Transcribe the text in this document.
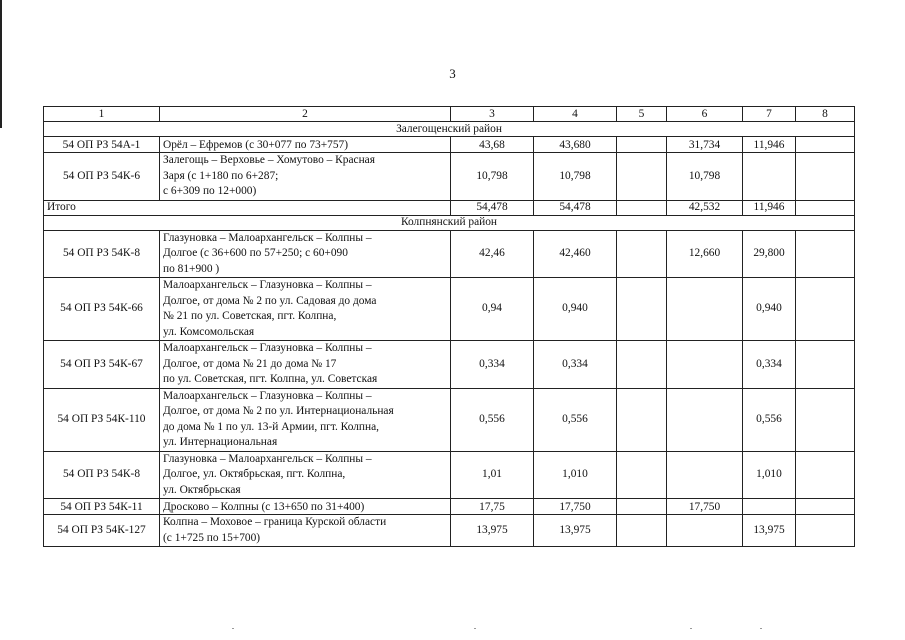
3
1	2	3	4	5	6	7	8
Залегощенский район							
54 ОП РЗ 54А-1	Орёл – Ефремов (с 30+077 по 73+757)	43,68	43,680		31,734	11,946	
54 ОП РЗ 54К-6	Залегощь – Верховье – Хомутово – Красная
Заря (с 1+180 по 6+287;
с 6+309 по 12+000)	10,798	10,798		10,798		
Итого		54,478	54,478		42,532	11,946	
Колпнянский район							
54 ОП РЗ 54К-8	Глазуновка – Малоархангельск – Колпны –
Долгое (с 36+600 по 57+250; с 60+090
по 81+900 )	42,46	42,460		12,660	29,800	
54 ОП РЗ 54К-66	Малоархангельск – Глазуновка – Колпны –
Долгое, от дома № 2 по ул. Садовая до дома
№ 21 по ул. Советская, пгт. Колпна,
ул. Комсомольская	0,94	0,940			0,940	
54 ОП РЗ 54К-67	Малоархангельск – Глазуновка – Колпны –
Долгое, от дома № 21 до дома № 17
по ул. Советская, пгт. Колпна, ул. Советская	0,334	0,334			0,334	
54 ОП РЗ 54К-110	Малоархангельск – Глазуновка – Колпны –
Долгое, от дома № 2 по ул. Интернациональная
до дома № 1 по ул. 13-й Армии, пгт. Колпна,
ул. Интернациональная	0,556	0,556			0,556	
54 ОП РЗ 54К-8	Глазуновка – Малоархангельск – Колпны –
Долгое, ул. Октябрьская, пгт. Колпна,
ул. Октябрьская	1,01	1,010			1,010	
54 ОП РЗ 54К-11	Дросково – Колпны (с 13+650 по 31+400)	17,75	17,750		17,750		
54 ОП РЗ 54К-127	Колпна – Моховое – граница Курской области
(с 1+725 по 15+700)	13,975	13,975			13,975	
